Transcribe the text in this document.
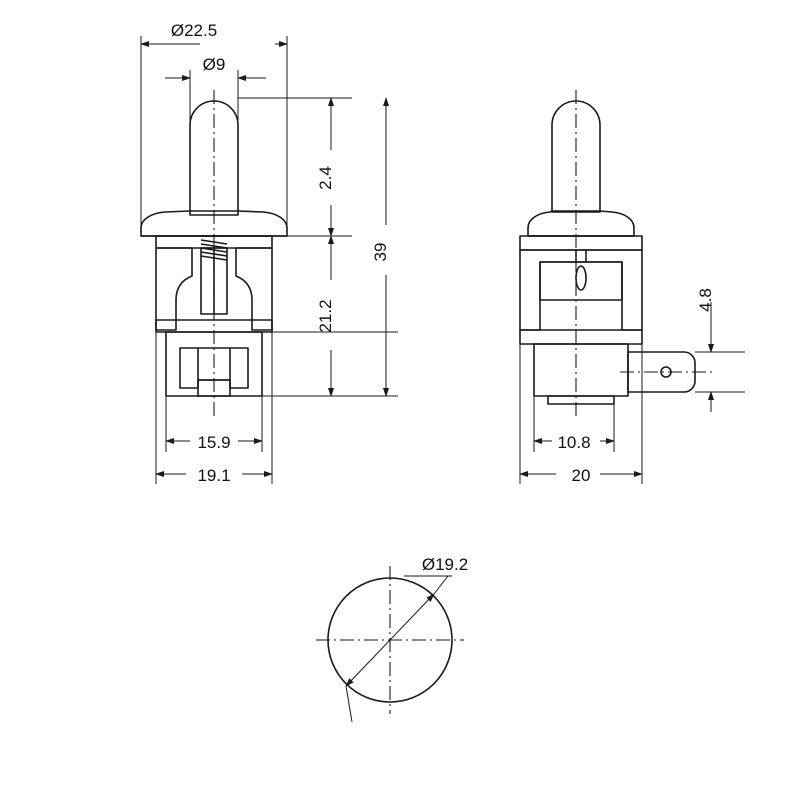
Ø22.5
Ø9
2.4
39
21.2
15.9
19.1
4.8
10.8
20
Ø19.2
